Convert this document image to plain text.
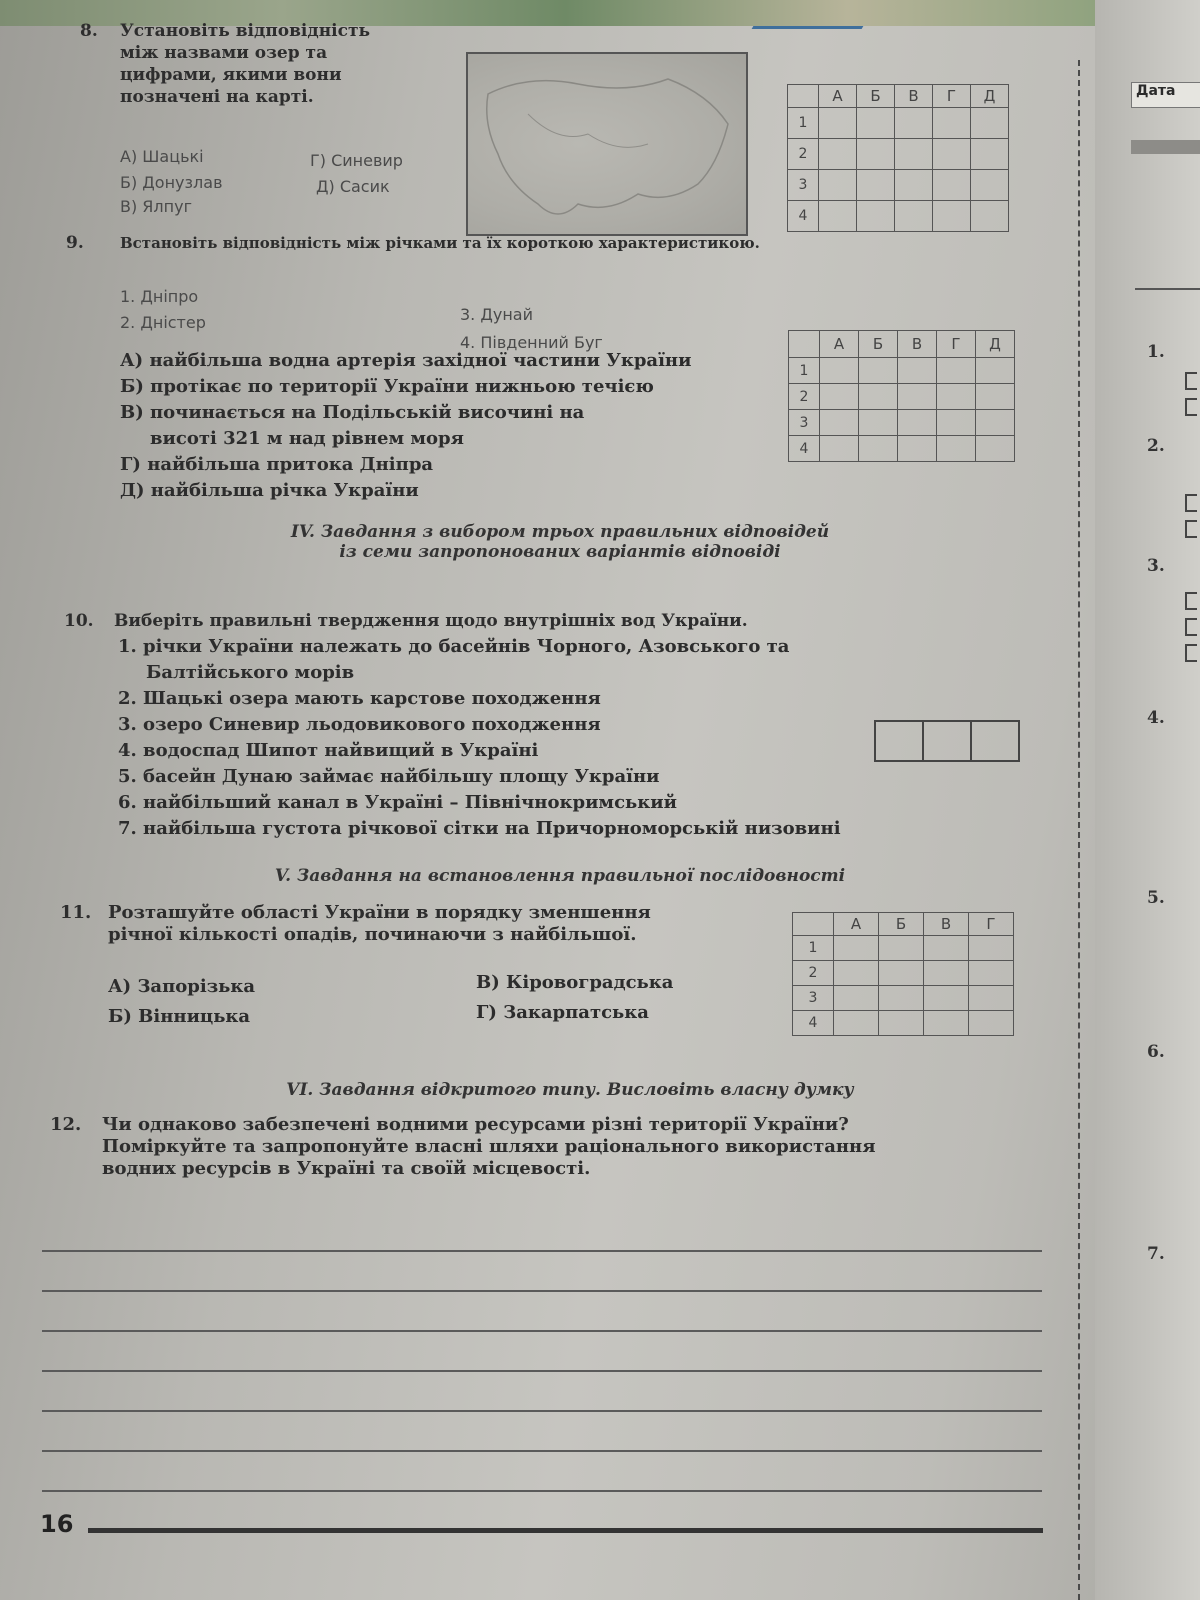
8. Установіть відповідність
між назвами озер та
цифрами, якими вони
позначені на карті.
А) Шацькі	Г) Синевир
Б) Донузлав	Д) Сасик
В) Ялпуг
	А	Б	В	Г	Д
1					
2					
3					
4					
9. Встановіть відповідність між річками та їх короткою характеристикою.
1. Дніпро
2. Дністер	3. Дунай
4. Південний Буг
А) найбільша водна артерія західної частини України
Б) протікає по території України нижньою течією
В) починається на Подільській височині на
висоті 321 м над рівнем моря
Г) найбільша притока Дніпра
Д) найбільша річка України
	А	Б	В	Г	Д
1					
2					
3					
4					
IV. Завдання з вибором трьох правильних відповідей
із семи запропонованих варіантів відповіді
10. Виберіть правильні твердження щодо внутрішніх вод України.
1. річки України належать до басейнів Чорного, Азовського та
Балтійського морів
2. Шацькі озера мають карстове походження
3. озеро Синевир льодовикового походження
4. водоспад Шипот найвищий в Україні
5. басейн Дунаю займає найбільшу площу України
6. найбільший канал в Україні – Північнокримський
7. найбільша густота річкової сітки на Причорноморській низовині
V. Завдання на встановлення правильної послідовності
11. Розташуйте області України в порядку зменшення
річної кількості опадів, починаючи з найбільшої.
А) Запорізька
Б) Вінницька
В) Кіровоградська
Г) Закарпатська
	А	Б	В	Г
1				
2				
3				
4				
VI. Завдання відкритого типу. Висловіть власну думку
12. Чи однаково забезпечені водними ресурсами різні території України?
Поміркуйте та запропонуйте власні шляхи раціонального використання
водних ресурсів в Україні та своїй місцевості.
16
Дата
1.
2.
3.
4.
5.
6.
7.
